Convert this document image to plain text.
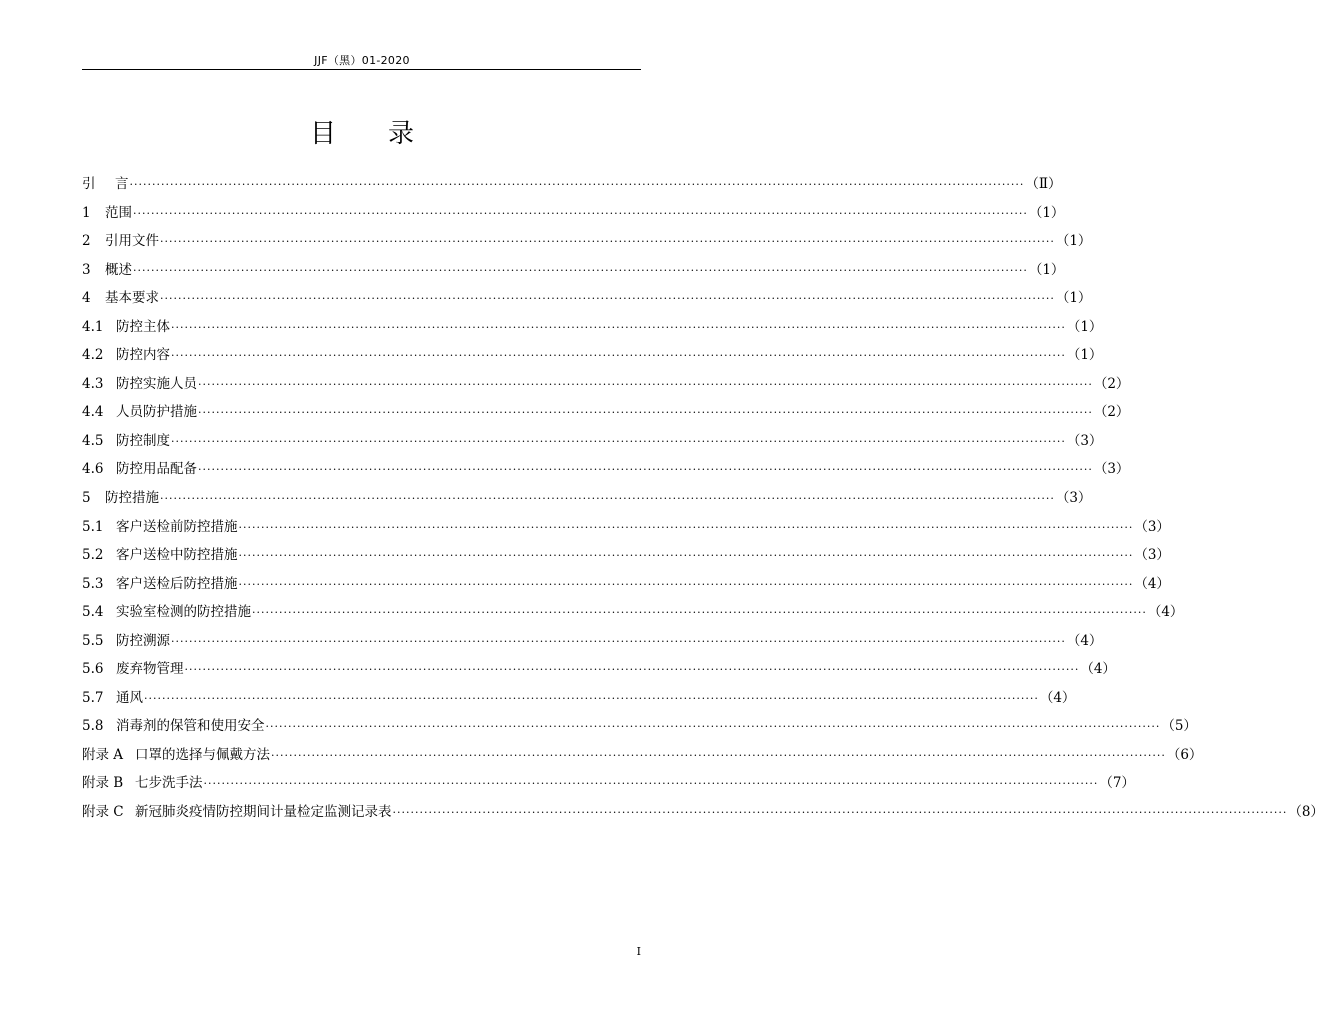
JJF（黑）01-2020
目　　录
引	言 ······································································································································································································· （Ⅱ）
1	范围 ······································································································································································································· （1）
2	引用文件 ······································································································································································································· （1）
3	概述 ······································································································································································································· （1）
4	基本要求 ······································································································································································································· （1）
4.1 防控主体 ······································································································································································································· （1）
4.2 防控内容 ······································································································································································································· （1）
4.3 防控实施人员 ······································································································································································································· （2）
4.4 人员防护措施 ······································································································································································································· （2）
4.5 防控制度 ······································································································································································································· （3）
4.6 防控用品配备 ······································································································································································································· （3）
5	防控措施 ······································································································································································································· （3）
5.1 客户送检前防控措施 ······································································································································································································· （3）
5.2 客户送检中防控措施 ······································································································································································································· （3）
5.3 客户送检后防控措施 ······································································································································································································· （4）
5.4 实验室检测的防控措施 ······································································································································································································· （4）
5.5 防控溯源 ······································································································································································································· （4）
5.6 废弃物管理 ······································································································································································································· （4）
5.7 通风 ······································································································································································································· （4）
5.8 消毒剂的保管和使用安全 ······································································································································································································· （5）
附录 A 口罩的选择与佩戴方法 ······································································································································································································· （6）
附录 B 七步洗手法 ······································································································································································································· （7）
附录 C 新冠肺炎疫情防控期间计量检定监测记录表 ······································································································································································································· （8）
I
